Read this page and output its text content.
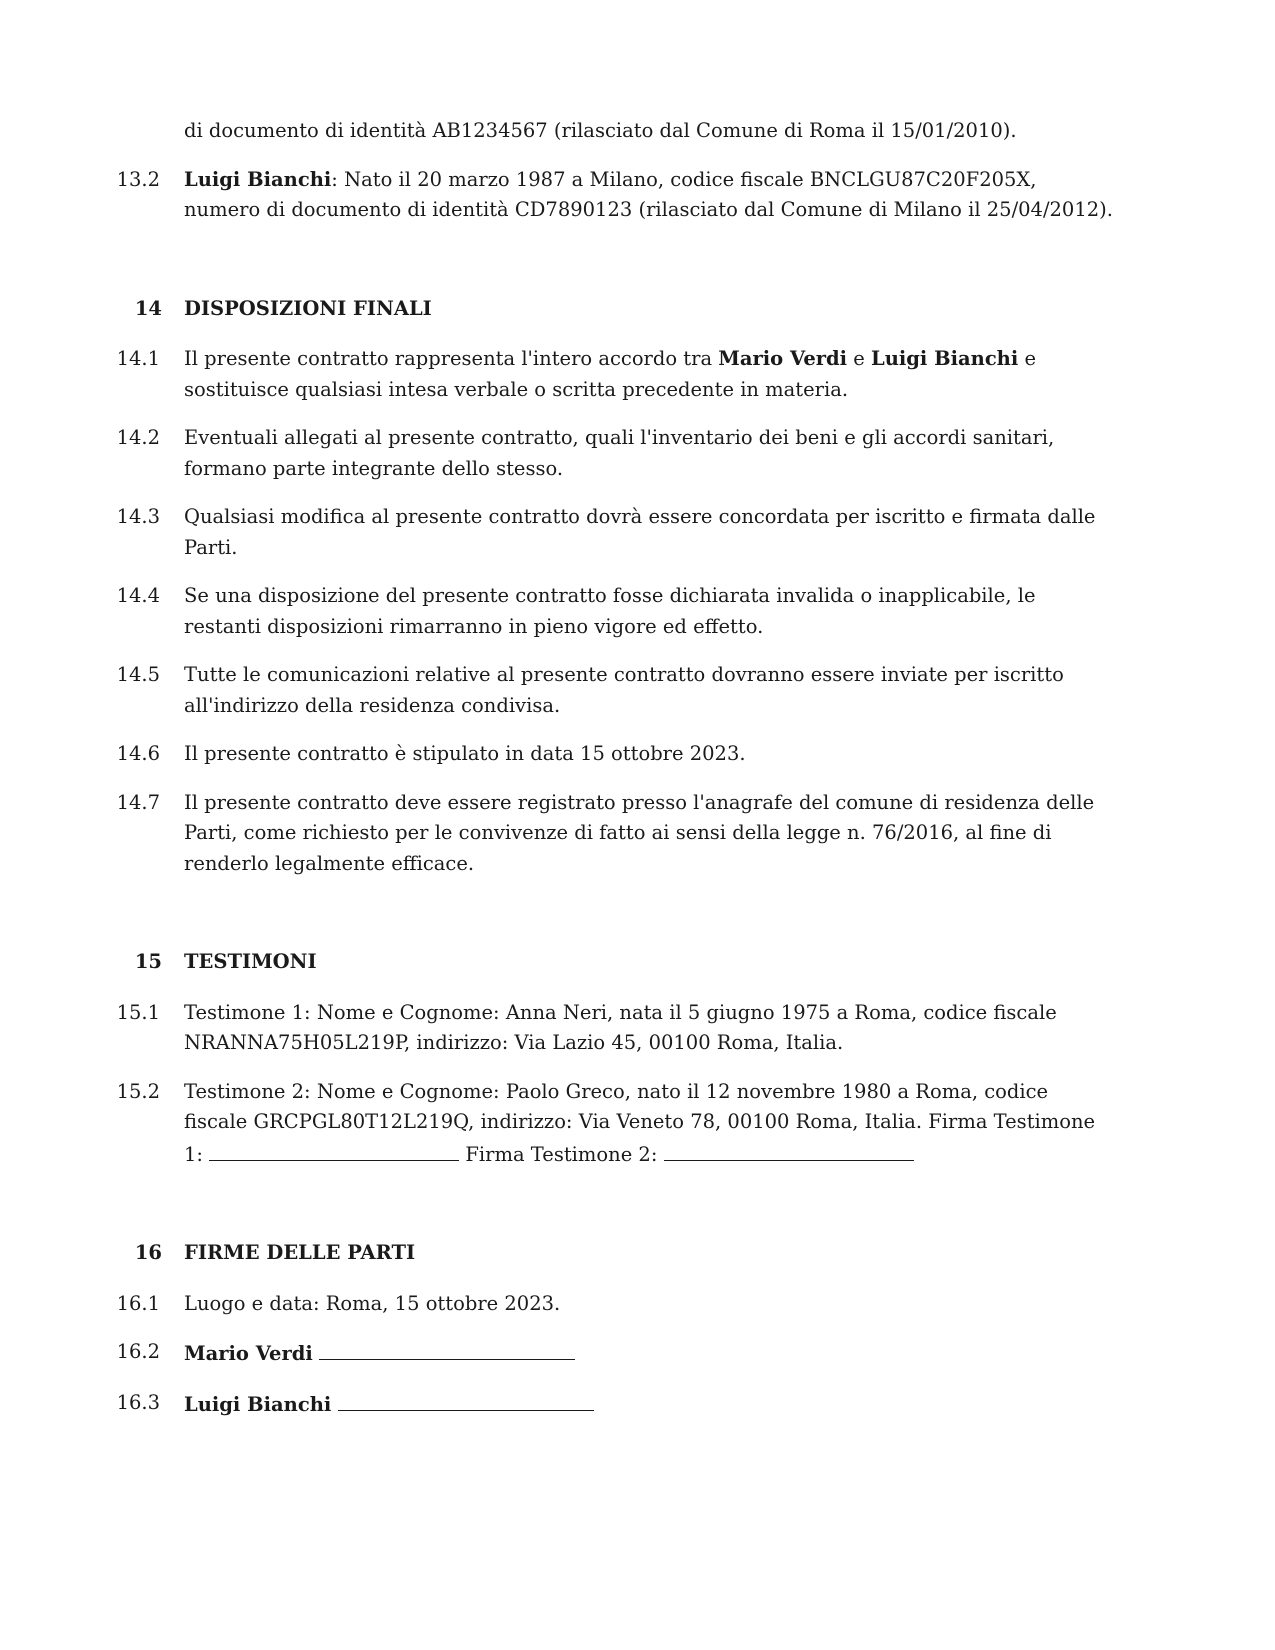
di documento di identità AB1234567 (rilasciato dal Comune di Roma il 15/01/2010).
13.2	Luigi Bianchi: Nato il 20 marzo 1987 a Milano, codice fiscale BNCLGU87C20F205X, numero di documento di identità CD7890123 (rilasciato dal Comune di Milano il 25/04/2012).
14	DISPOSIZIONI FINALI
14.1	Il presente contratto rappresenta l'intero accordo tra Mario Verdi e Luigi Bianchi e sostituisce qualsiasi intesa verbale o scritta precedente in materia.
14.2	Eventuali allegati al presente contratto, quali l'inventario dei beni e gli accordi sanitari, formano parte integrante dello stesso.
14.3	Qualsiasi modifica al presente contratto dovrà essere concordata per iscritto e firmata dalle Parti.
14.4	Se una disposizione del presente contratto fosse dichiarata invalida o inapplicabile, le restanti disposizioni rimarranno in pieno vigore ed effetto.
14.5	Tutte le comunicazioni relative al presente contratto dovranno essere inviate per iscritto all'indirizzo della residenza condivisa.
14.6	Il presente contratto è stipulato in data 15 ottobre 2023.
14.7	Il presente contratto deve essere registrato presso l'anagrafe del comune di residenza delle Parti, come richiesto per le convivenze di fatto ai sensi della legge n. 76/2016, al fine di renderlo legalmente efficace.
15	TESTIMONI
15.1	Testimone 1: Nome e Cognome: Anna Neri, nata il 5 giugno 1975 a Roma, codice fiscale NRANNA75H05L219P, indirizzo: Via Lazio 45, 00100 Roma, Italia.
15.2	Testimone 2: Nome e Cognome: Paolo Greco, nato il 12 novembre 1980 a Roma, codice fiscale GRCPGL80T12L219Q, indirizzo: Via Veneto 78, 00100 Roma, Italia. Firma Testimone 1:	Firma Testimone 2:
16	FIRME DELLE PARTI
16.1	Luogo e data: Roma, 15 ottobre 2023.
16.2	Mario Verdi
16.3	Luigi Bianchi
